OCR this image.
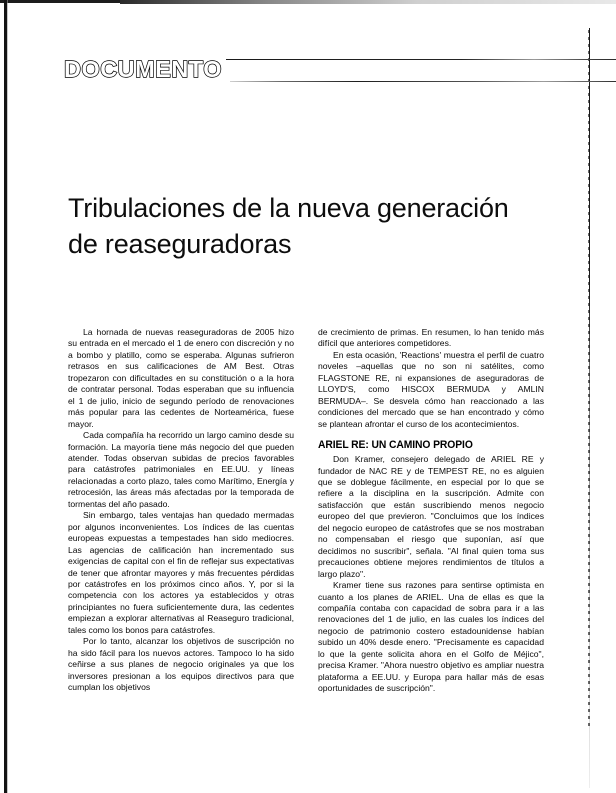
DOCUMENTO
Tribulaciones de la nueva generación
de reaseguradoras

La hornada de nuevas reaseguradoras de 2005 hizo su entrada en el mercado el 1 de enero con discreción y no a bombo y platillo, como se esperaba. Algunas sufrieron retrasos en sus calificaciones de AM Best. Otras tropezaron con dificultades en su constitución o a la hora de contratar personal. Todas esperaban que su influencia el 1 de julio, inicio de segundo período de renovaciones más popular para las cedentes de Norteamérica, fuese mayor.

Cada compañía ha recorrido un largo camino desde su formación. La mayoría tiene más negocio del que pueden atender. Todas observan subidas de precios favorables para catástrofes patrimoniales en EE.UU. y líneas relacionadas a corto plazo, tales como Marítimo, Energía y retrocesión, las áreas más afectadas por la temporada de tormentas del año pasado.

Sin embargo, tales ventajas han quedado mermadas por algunos inconvenientes. Los índices de las cuentas europeas expuestas a tempestades han sido mediocres. Las agencias de calificación han incrementado sus exigencias de capital con el fin de reflejar sus expectativas de tener que afrontar mayores y más frecuentes pérdidas por catástrofes en los próximos cinco años. Y, por si la competencia con los actores ya establecidos y otras principiantes no fuera suficientemente dura, las cedentes empiezan a explorar alternativas al Reaseguro tradicional, tales como los bonos para catástrofes.

Por lo tanto, alcanzar los objetivos de suscripción no ha sido fácil para los nuevos actores. Tampoco lo ha sido ceñirse a sus planes de negocio originales ya que los inversores presionan a los equipos directivos para que cumplan los objetivos

de crecimiento de primas. En resumen, lo han tenido más difícil que anteriores competidores.

En esta ocasión, 'Reactions' muestra el perfil de cuatro noveles –aquellas que no son ni satélites, como FLAGSTONE RE, ni expansiones de aseguradoras de LLOYD'S, como HISCOX BERMUDA y AMLIN BERMUDA–. Se desvela cómo han reaccionado a las condiciones del mercado que se han encontrado y cómo se plantean afrontar el curso de los acontecimientos.

ARIEL RE: UN CAMINO PROPIO

Don Kramer, consejero delegado de ARIEL RE y fundador de NAC RE y de TEMPEST RE, no es alguien que se doblegue fácilmente, en especial por lo que se refiere a la disciplina en la suscripción. Admite con satisfacción que están suscribiendo menos negocio europeo del que previeron. "Concluimos que los índices del negocio europeo de catástrofes que se nos mostraban no compensaban el riesgo que suponían, así que decidimos no suscribir", señala. "Al final quien toma sus precauciones obtiene mejores rendimientos de títulos a largo plazo".

Kramer tiene sus razones para sentirse optimista en cuanto a los planes de ARIEL. Una de ellas es que la compañía contaba con capacidad de sobra para ir a las renovaciones del 1 de julio, en las cuales los índices del negocio de patrimonio costero estadounidense habían subido un 40% desde enero. "Precisamente es capacidad lo que la gente solicita ahora en el Golfo de Méjico", precisa Kramer. "Ahora nuestro objetivo es ampliar nuestra plataforma a EE.UU. y Europa para hallar más de esas oportunidades de suscripción".
